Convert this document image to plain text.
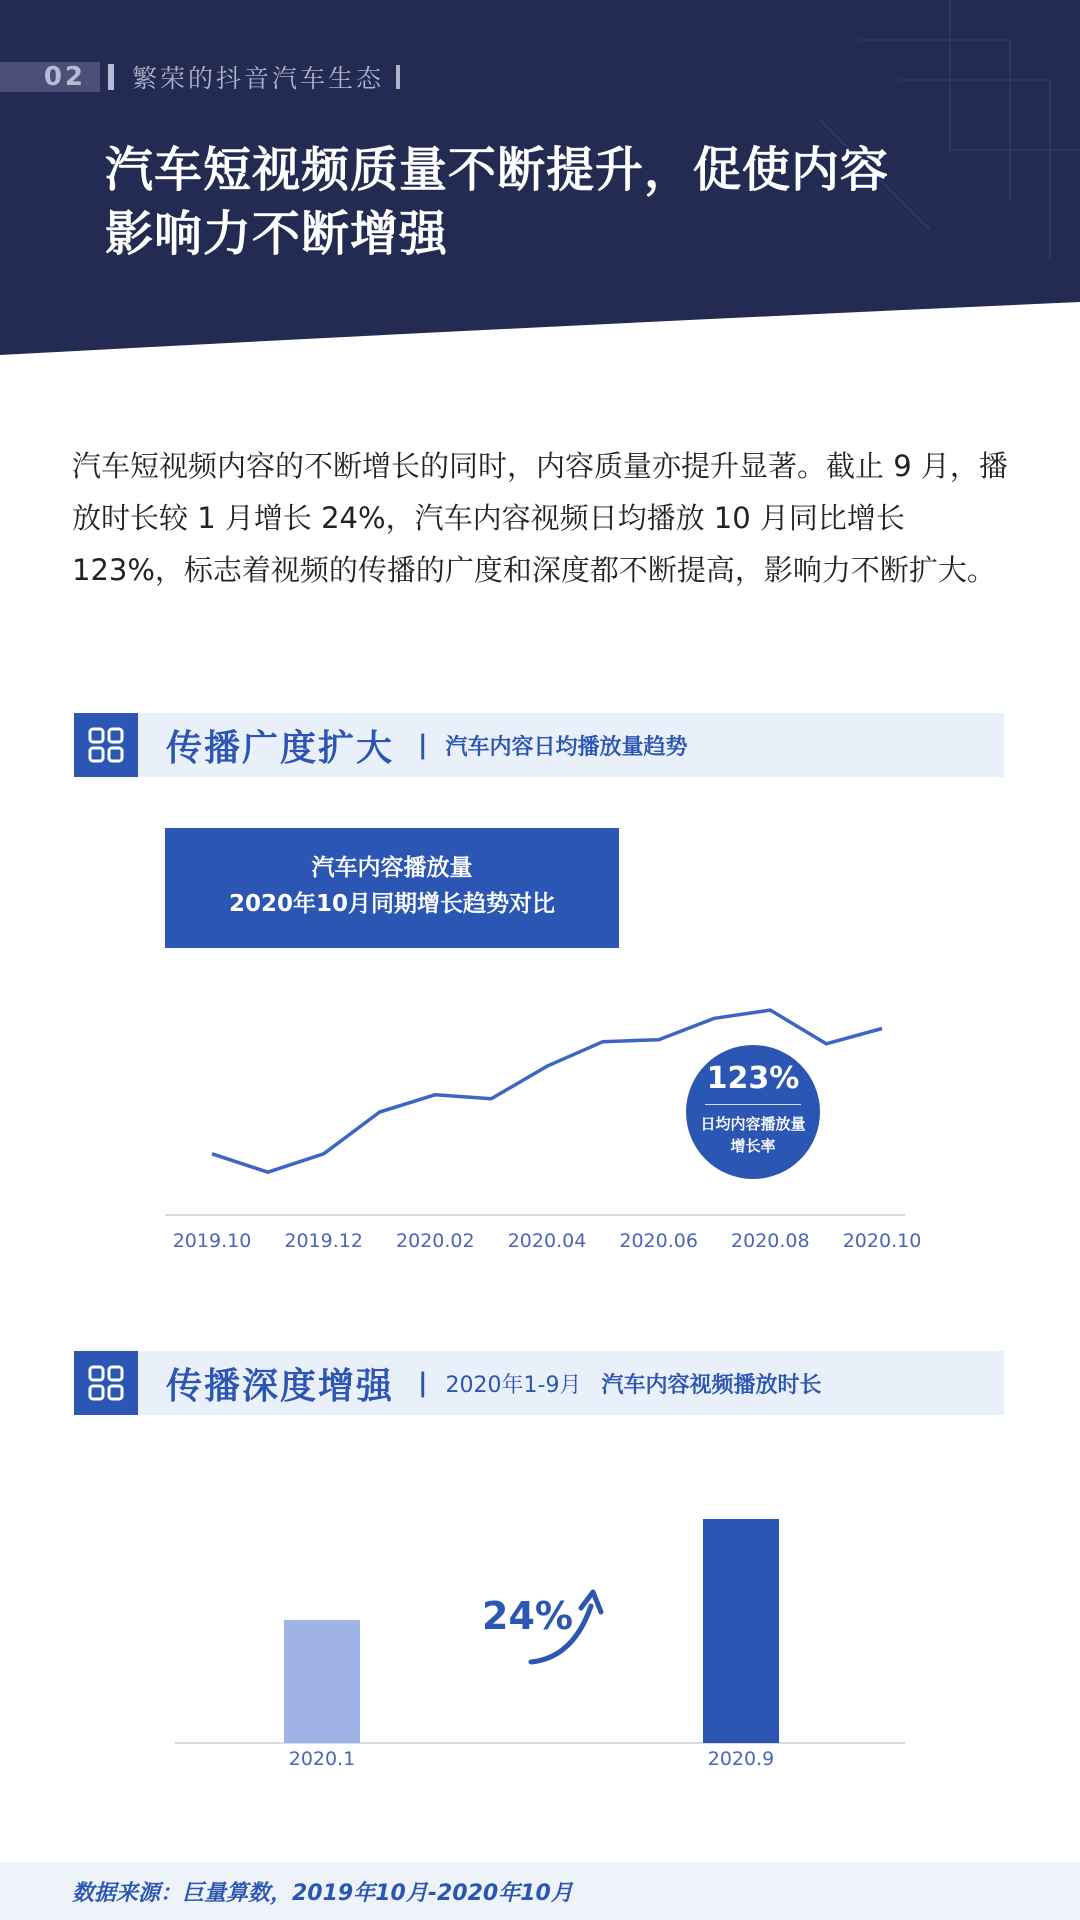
02 繁荣的抖音汽车生态
汽车短视频质量不断提升，促使内容
影响力不断增强

汽车短视频内容的不断增长的同时，内容质量亦提升显著。截止 9 月，播放时长较 1 月增长 24%，汽车内容视频日均播放 10 月同比增长 123%，标志着视频的传播的广度和深度都不断提高，影响力不断扩大。

传播广度扩大 | 汽车内容日均播放量趋势
汽车内容播放量
2020年10月同期增长趋势对比
2019.10 2019.12 2020.02 2020.04 2020.06 2020.08 2020.10
123%
日均内容播放量
增长率
传播深度增强 | 2020年1-9月 汽车内容视频播放时长
2020.1	2020.9
24%
数据来源：巨量算数，2019年10月-2020年10月
